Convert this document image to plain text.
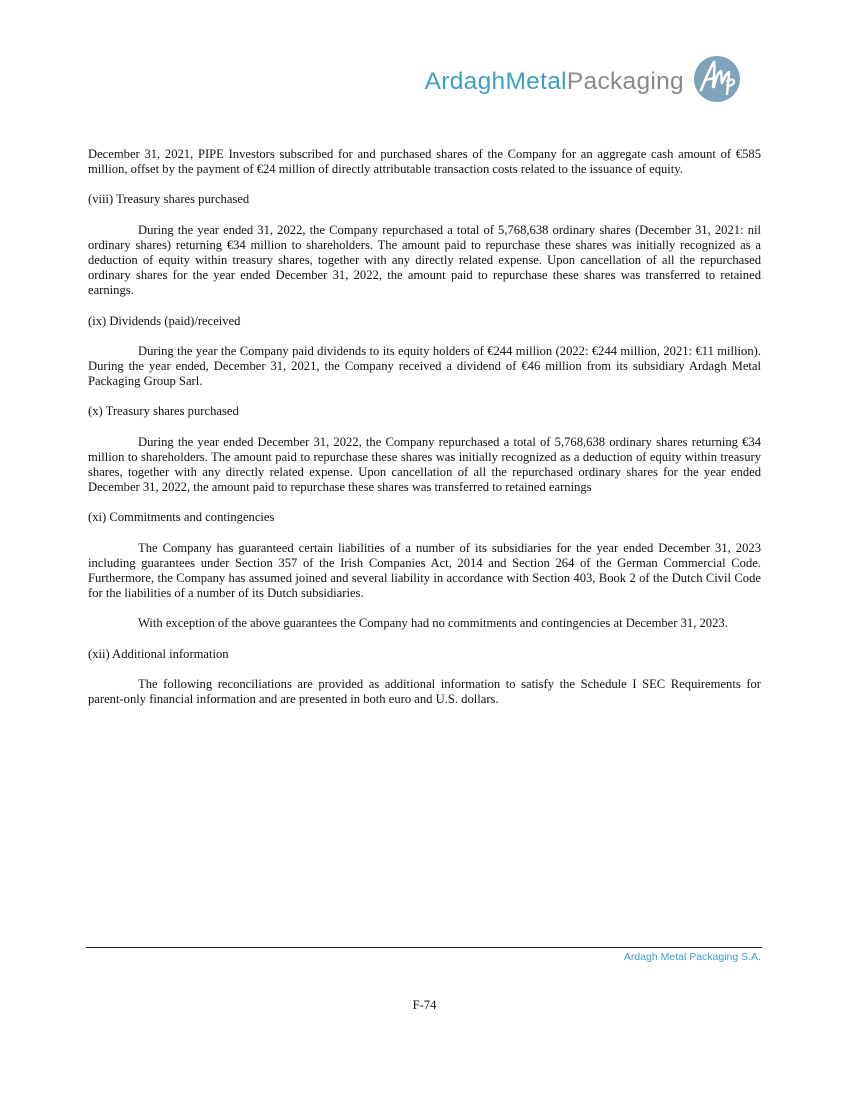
ArdaghMetalPackaging

December 31, 2021, PIPE Investors subscribed for and purchased shares of the Company for an aggregate cash amount of €585 million, offset by the payment of €24 million of directly attributable transaction costs related to the issuance of equity.

(viii) Treasury shares purchased

During the year ended 31, 2022, the Company repurchased a total of 5,768,638 ordinary shares (December 31, 2021: nil ordinary shares) returning €34 million to shareholders. The amount paid to repurchase these shares was initially recognized as a deduction of equity within treasury shares, together with any directly related expense. Upon cancellation of all the repurchased ordinary shares for the year ended December 31, 2022, the amount paid to repurchase these shares was transferred to retained earnings.

(ix) Dividends (paid)/received

During the year the Company paid dividends to its equity holders of €244 million (2022: €244 million, 2021: €11 million). During the year ended, December 31, 2021, the Company received a dividend of €46 million from its subsidiary Ardagh Metal Packaging Group Sarl.

(x) Treasury shares purchased

During the year ended December 31, 2022, the Company repurchased a total of 5,768,638 ordinary shares returning €34 million to shareholders. The amount paid to repurchase these shares was initially recognized as a deduction of equity within treasury shares, together with any directly related expense. Upon cancellation of all the repurchased ordinary shares for the year ended December 31, 2022, the amount paid to repurchase these shares was transferred to retained earnings

(xi) Commitments and contingencies

The Company has guaranteed certain liabilities of a number of its subsidiaries for the year ended December 31, 2023 including guarantees under Section 357 of the Irish Companies Act, 2014 and Section 264 of the German Commercial Code. Furthermore, the Company has assumed joined and several liability in accordance with Section 403, Book 2 of the Dutch Civil Code for the liabilities of a number of its Dutch subsidiaries.

With exception of the above guarantees the Company had no commitments and contingencies at December 31, 2023.

(xii) Additional information

The following reconciliations are provided as additional information to satisfy the Schedule I SEC Requirements for parent-only financial information and are presented in both euro and U.S. dollars.

Ardagh Metal Packaging S.A.
F-74
